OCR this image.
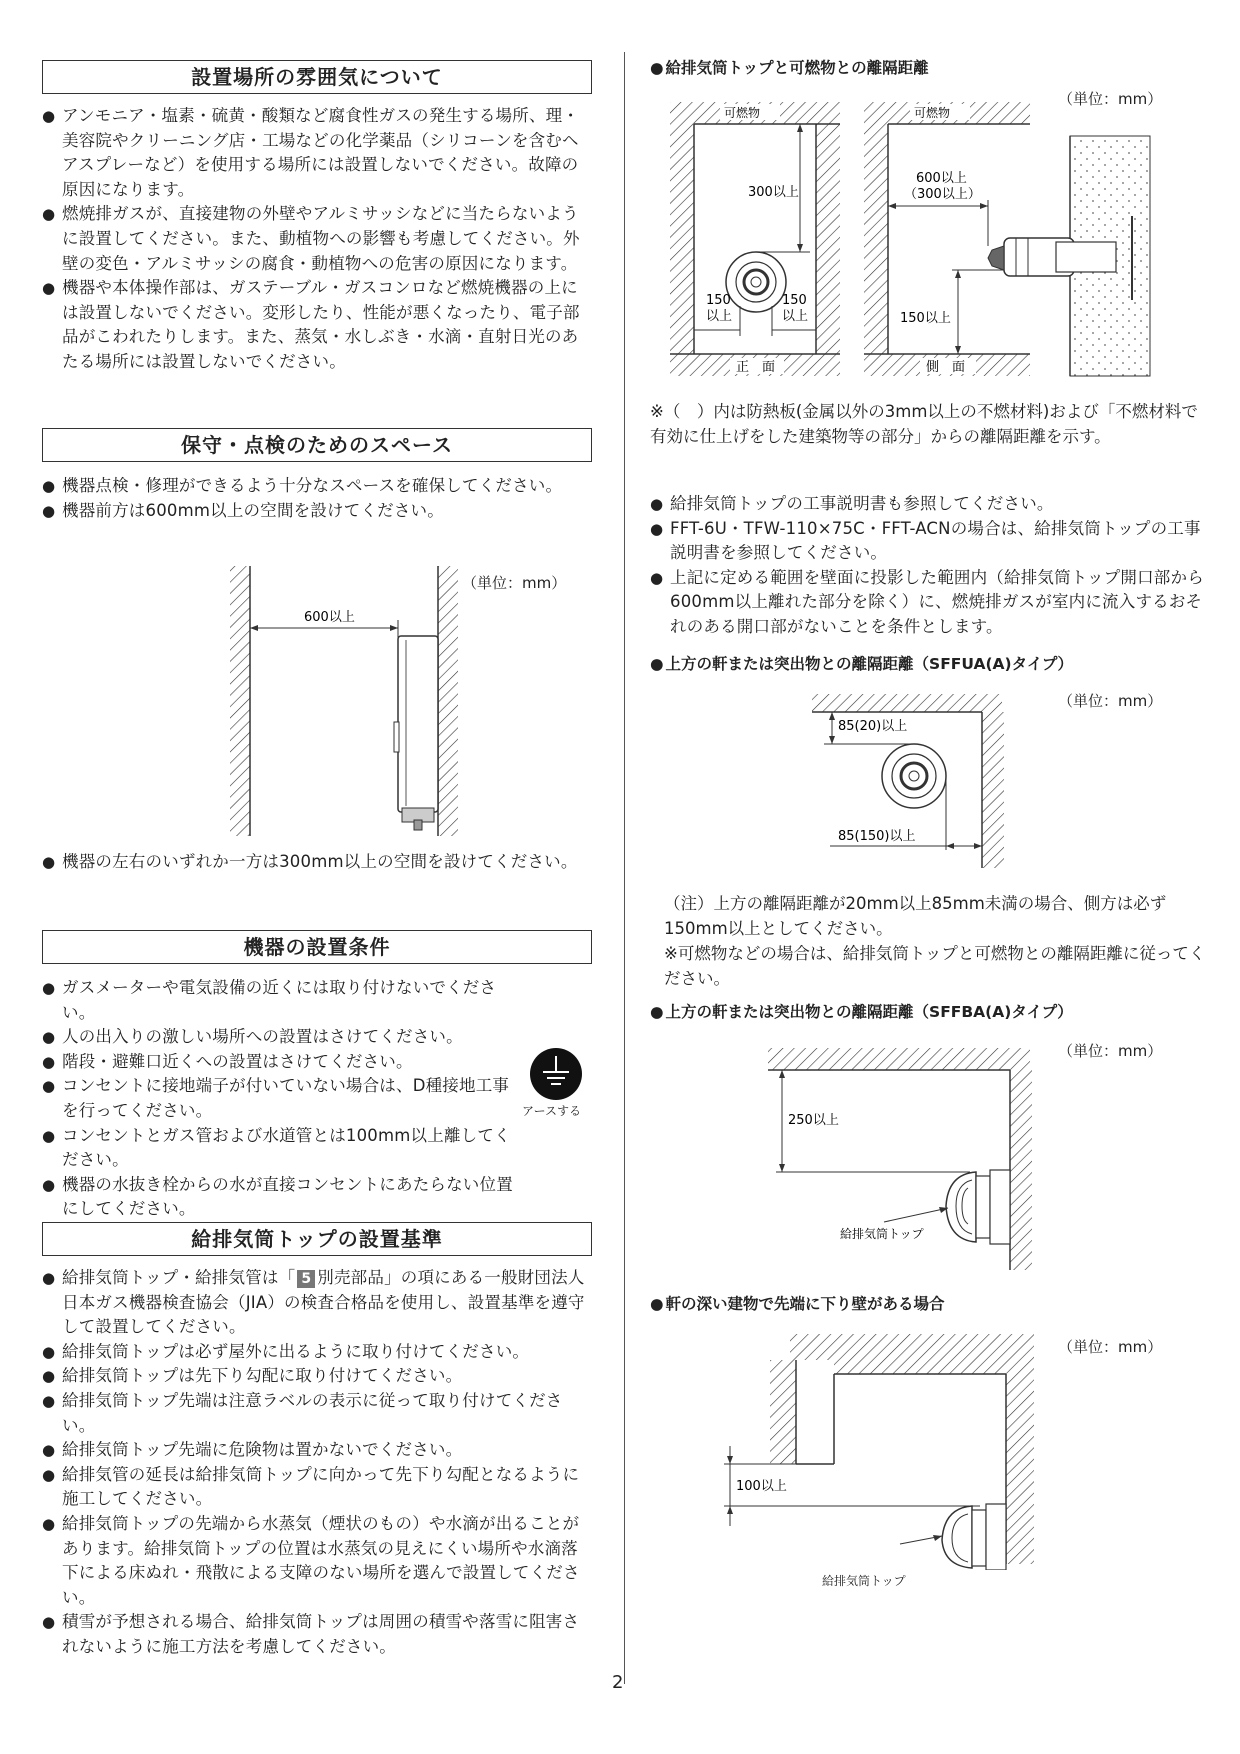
設置場所の雰囲気について
● アンモニア・塩素・硫黄・酸類など腐食性ガスの発生する場所、理・美容院やクリーニング店・工場などの化学薬品（シリコーンを含むヘアスプレーなど）を使用する場所には設置しないでください。故障の原因になります。
● 燃焼排ガスが、直接建物の外壁やアルミサッシなどに当たらないように設置してください。また、動植物への影響も考慮してください。外壁の変色・アルミサッシの腐食・動植物への危害の原因になります。
● 機器や本体操作部は、ガステーブル・ガスコンロなど燃焼機器の上には設置しないでください。変形したり、性能が悪くなったり、電子部品がこわれたりします。また、蒸気・水しぶき・水滴・直射日光のあたる場所には設置しないでください。
保守・点検のためのスペース
● 機器点検・修理ができるよう十分なスペースを確保してください。
● 機器前方は600mm以上の空間を設けてください。
（単位：mm）
600以上
● 機器の左右のいずれか一方は300mm以上の空間を設けてください。
機器の設置条件
● ガスメーターや電気設備の近くには取り付けないでください。
● 人の出入りの激しい場所への設置はさけてください。
● 階段・避難口近くへの設置はさけてください。
● コンセントに接地端子が付いていない場合は、D種接地工事を行ってください。
● コンセントとガス管および水道管とは100mm以上離してください。
● 機器の水抜き栓からの水が直接コンセントにあたらない位置にしてください。
アースする
給排気筒トップの設置基準
● 給排気筒トップ・給排気管は「 5 別売部品」の項にある一般財団法人日本ガス機器検査協会（JIA）の検査合格品を使用し、設置基準を遵守して設置してください。
● 給排気筒トップは必ず屋外に出るように取り付けてください。
● 給排気筒トップは先下り勾配に取り付けてください。
● 給排気筒トップ先端は注意ラベルの表示に従って取り付けてください。
● 給排気筒トップ先端に危険物は置かないでください。
● 給排気管の延長は給排気筒トップに向かって先下り勾配となるように施工してください。
● 給排気筒トップの先端から水蒸気（煙状のもの）や水滴が出ることがあります。給排気筒トップの位置は水蒸気の見えにくい場所や水滴落下による床ぬれ・飛散による支障のない場所を選んで設置してください。
● 積雪が予想される場合、給排気筒トップは周囲の積雪や落雪に阻害されないように施工方法を考慮してください。
● 給排気筒トップと可燃物との離隔距離
（単位：mm）
可燃物
正　面
300以上
150
以上
150
以上
可燃物
側　面
600以上
（300以上）
150以上
※（　）内は防熱板(金属以外の3mm以上の不燃材料)および「不燃材料で有効に仕上げをした建築物等の部分」からの離隔距離を示す。
● 給排気筒トップの工事説明書も参照してください。
● FFT-6U・TFW-110×75C・FFT-ACNの場合は、給排気筒トップの工事説明書を参照してください。
● 上記に定める範囲を壁面に投影した範囲内（給排気筒トップ開口部から600mm以上離れた部分を除く）に、燃焼排ガスが室内に流入するおそれのある開口部がないことを条件とします。
● 上方の軒または突出物との離隔距離（SFFUA(A)タイプ）
（単位：mm）
85(20)以上
85(150)以上
（注）上方の離隔距離が20mm以上85mm未満の場合、側方は必ず150mm以上としてください。
※可燃物などの場合は、給排気筒トップと可燃物との離隔距離に従ってください。
● 上方の軒または突出物との離隔距離（SFFBA(A)タイプ）
（単位：mm）
250以上
給排気筒トップ
● 軒の深い建物で先端に下り壁がある場合
（単位：mm）
100以上
給排気筒トップ
2
